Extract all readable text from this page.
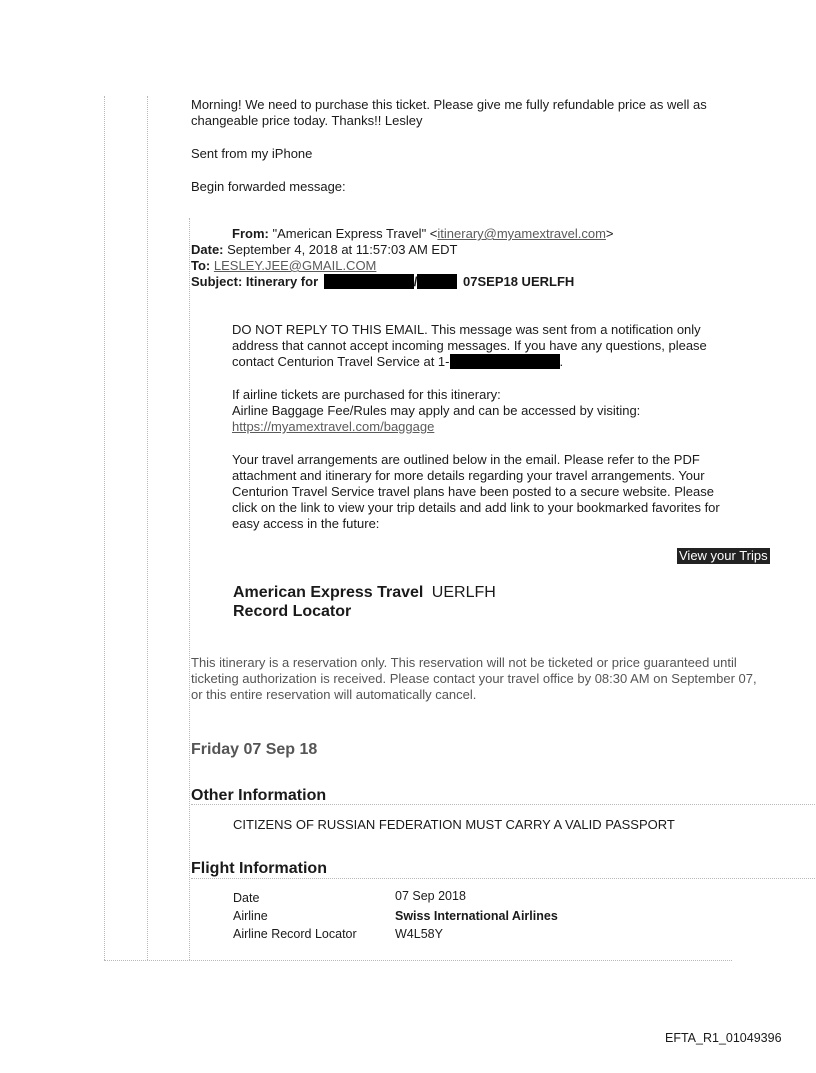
Morning! We need to purchase this ticket. Please give me fully refundable price as well as
changeable price today. Thanks!! Lesley
Sent from my iPhone
Begin forwarded message:
From: "American Express Travel" <itinerary@myamextravel.com>
Date: September 4, 2018 at 11:57:03 AM EDT
To: LESLEY.JEE@GMAIL.COM
Subject: Itinerary for	/	07SEP18 UERLFH
DO NOT REPLY TO THIS EMAIL. This message was sent from a notification only
address that cannot accept incoming messages. If you have any questions, please
contact Centurion Travel Service at 1-	.
If airline tickets are purchased for this itinerary:
Airline Baggage Fee/Rules may apply and can be accessed by visiting:
https://myamextravel.com/baggage
Your travel arrangements are outlined below in the email. Please refer to the PDF
attachment and itinerary for more details regarding your travel arrangements. Your
Centurion Travel Service travel plans have been posted to a secure website. Please
click on the link to view your trip details and add link to your bookmarked favorites for
easy access in the future:
View your Trips
American Express Travel UERLFH
Record Locator
This itinerary is a reservation only. This reservation will not be ticketed or price guaranteed until
ticketing authorization is received. Please contact your travel office by 08:30 AM on September 07,
or this entire reservation will automatically cancel.
Friday 07 Sep 18
Other Information
CITIZENS OF RUSSIAN FEDERATION MUST CARRY A VALID PASSPORT
Flight Information
Date	07 Sep 2018
Airline	Swiss International Airlines
Airline Record Locator	W4L58Y
EFTA_R1_01049396
